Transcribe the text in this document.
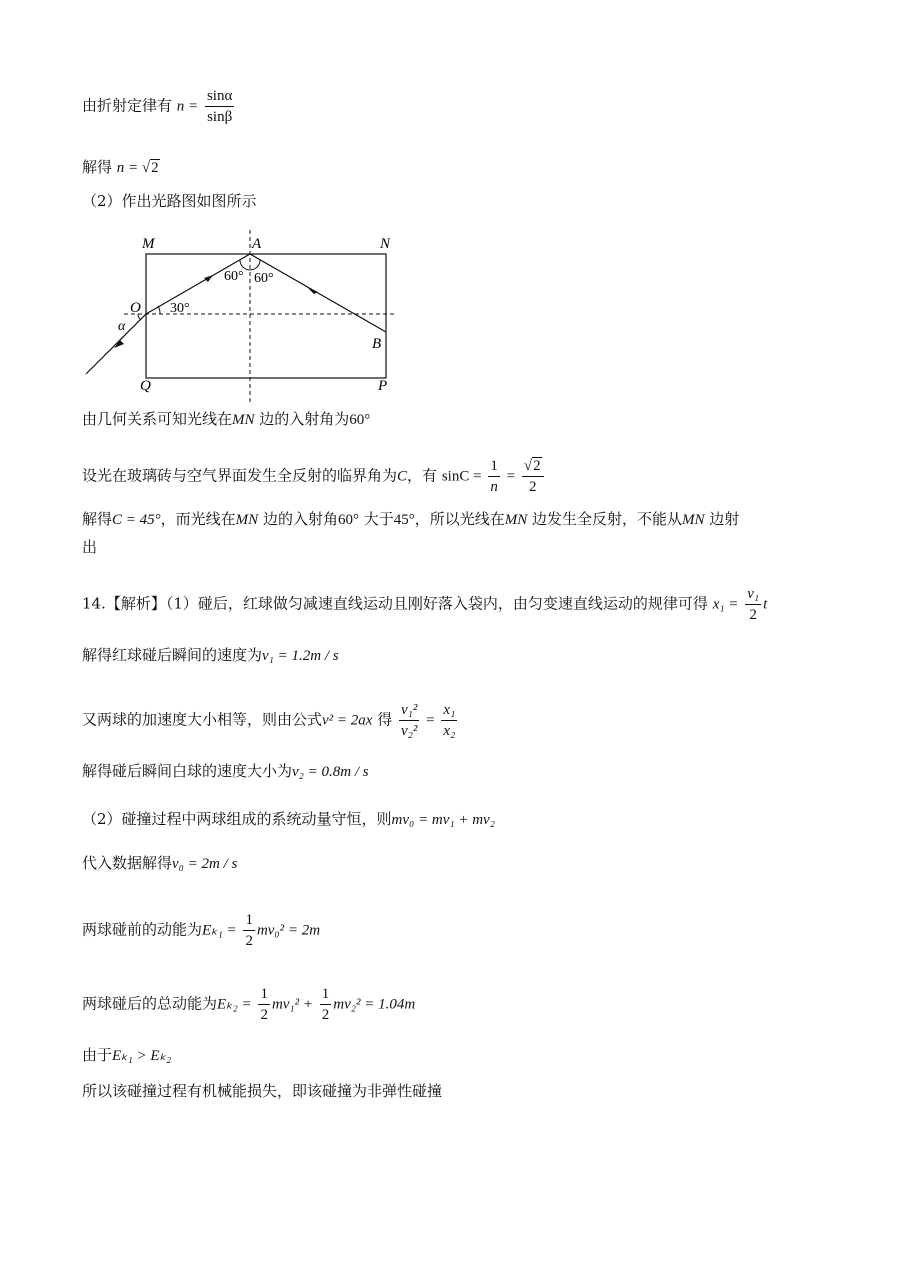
由折射定律有 $n = \frac{\sin\alpha}{\sin\beta}$
解得 n = √2
（2）作出光路图如图所示
M	A	N
O 30°
α
60° 60°
B
Q	P
由几何关系可知光线在MN 边的入射角为60°
设光在玻璃砖与空气界面发生全反射的临界角为C，有 $\sin C = \frac{1}{n} = \frac{√2}{2}$
解得C = 45°，而光线在MN 边的入射角60° 大于45°，所以光线在MN 边发生全反射，不能从MN 边射
出
14.【解析】（1）碰后，红球做匀减速直线运动且刚好落入袋内，由匀变速直线运动的规律可得 $x_1 = \frac{\text{v₁}}{2}$ t
解得红球碰后瞬间的速度为v₁ = 1.2m / s
又两球的加速度大小相等，则由公式v² = 2ax 得 $\frac{\text{v₁²}}{\text{v₂²}} = \frac{\text{x₁}}{\text{x₂}}$
解得碰后瞬间白球的速度大小为v₂ = 0.8m / s
（2）碰撞过程中两球组成的系统动量守恒，则mv₀ = mv₁ + mv₂
代入数据解得v₀ = 2m / s
两球碰前的动能为$E_{k1} = \frac{1}{2} mv_0^2 = 2m$
两球碰后的总动能为$E_{k2} = \frac{1}{2} mv_1^2 + \frac{1}{2} mv_2^2 = 1.04m$
由于Eₖ₁ > Eₖ₂
所以该碰撞过程有机械能损失，即该碰撞为非弹性碰撞
